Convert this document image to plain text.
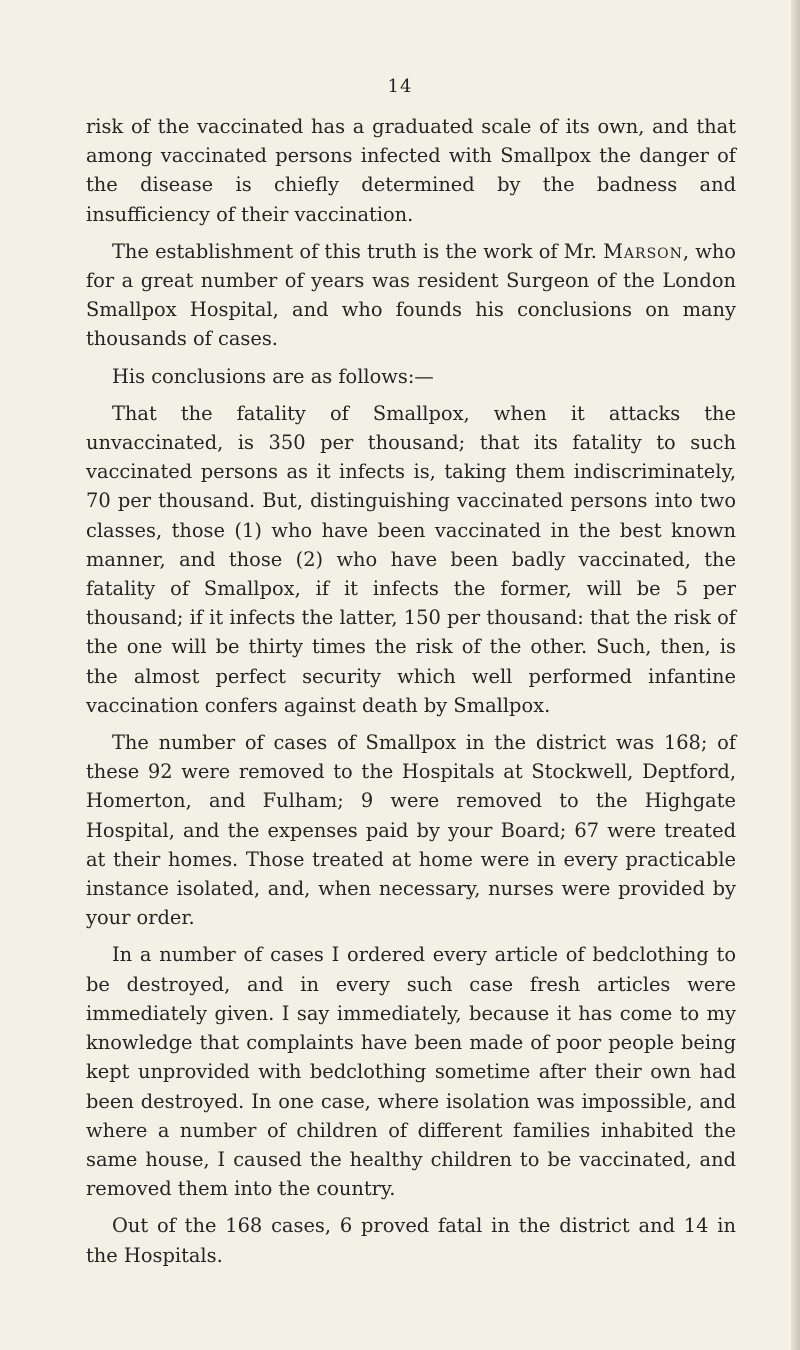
14

risk of the vaccinated has a graduated scale of its own, and that among vaccinated persons infected with Smallpox the danger of the disease is chiefly determined by the badness and insufficiency of their vaccination.

The establishment of this truth is the work of Mr. Marson, who for a great number of years was resident Surgeon of the London Smallpox Hospital, and who founds his conclusions on many thousands of cases.

His conclusions are as follows:—

That the fatality of Smallpox, when it attacks the unvaccinated, is 350 per thousand; that its fatality to such vaccinated persons as it infects is, taking them indiscriminately, 70 per thousand. But, distinguishing vaccinated persons into two classes, those (1) who have been vaccinated in the best known manner, and those (2) who have been badly vaccinated, the fatality of Smallpox, if it infects the former, will be 5 per thousand; if it infects the latter, 150 per thousand: that the risk of the one will be thirty times the risk of the other. Such, then, is the almost perfect security which well performed infantine vaccination confers against death by Smallpox.

The number of cases of Smallpox in the district was 168; of these 92 were removed to the Hospitals at Stockwell, Deptford, Homerton, and Fulham; 9 were removed to the Highgate Hospital, and the expenses paid by your Board; 67 were treated at their homes. Those treated at home were in every practicable instance isolated, and, when necessary, nurses were provided by your order.

In a number of cases I ordered every article of bedclothing to be destroyed, and in every such case fresh articles were immediately given. I say immediately, because it has come to my knowledge that complaints have been made of poor people being kept unprovided with bedclothing sometime after their own had been destroyed. In one case, where isolation was impossible, and where a number of children of different families inhabited the same house, I caused the healthy children to be vaccinated, and removed them into the country.

Out of the 168 cases, 6 proved fatal in the district and 14 in the Hospitals.
